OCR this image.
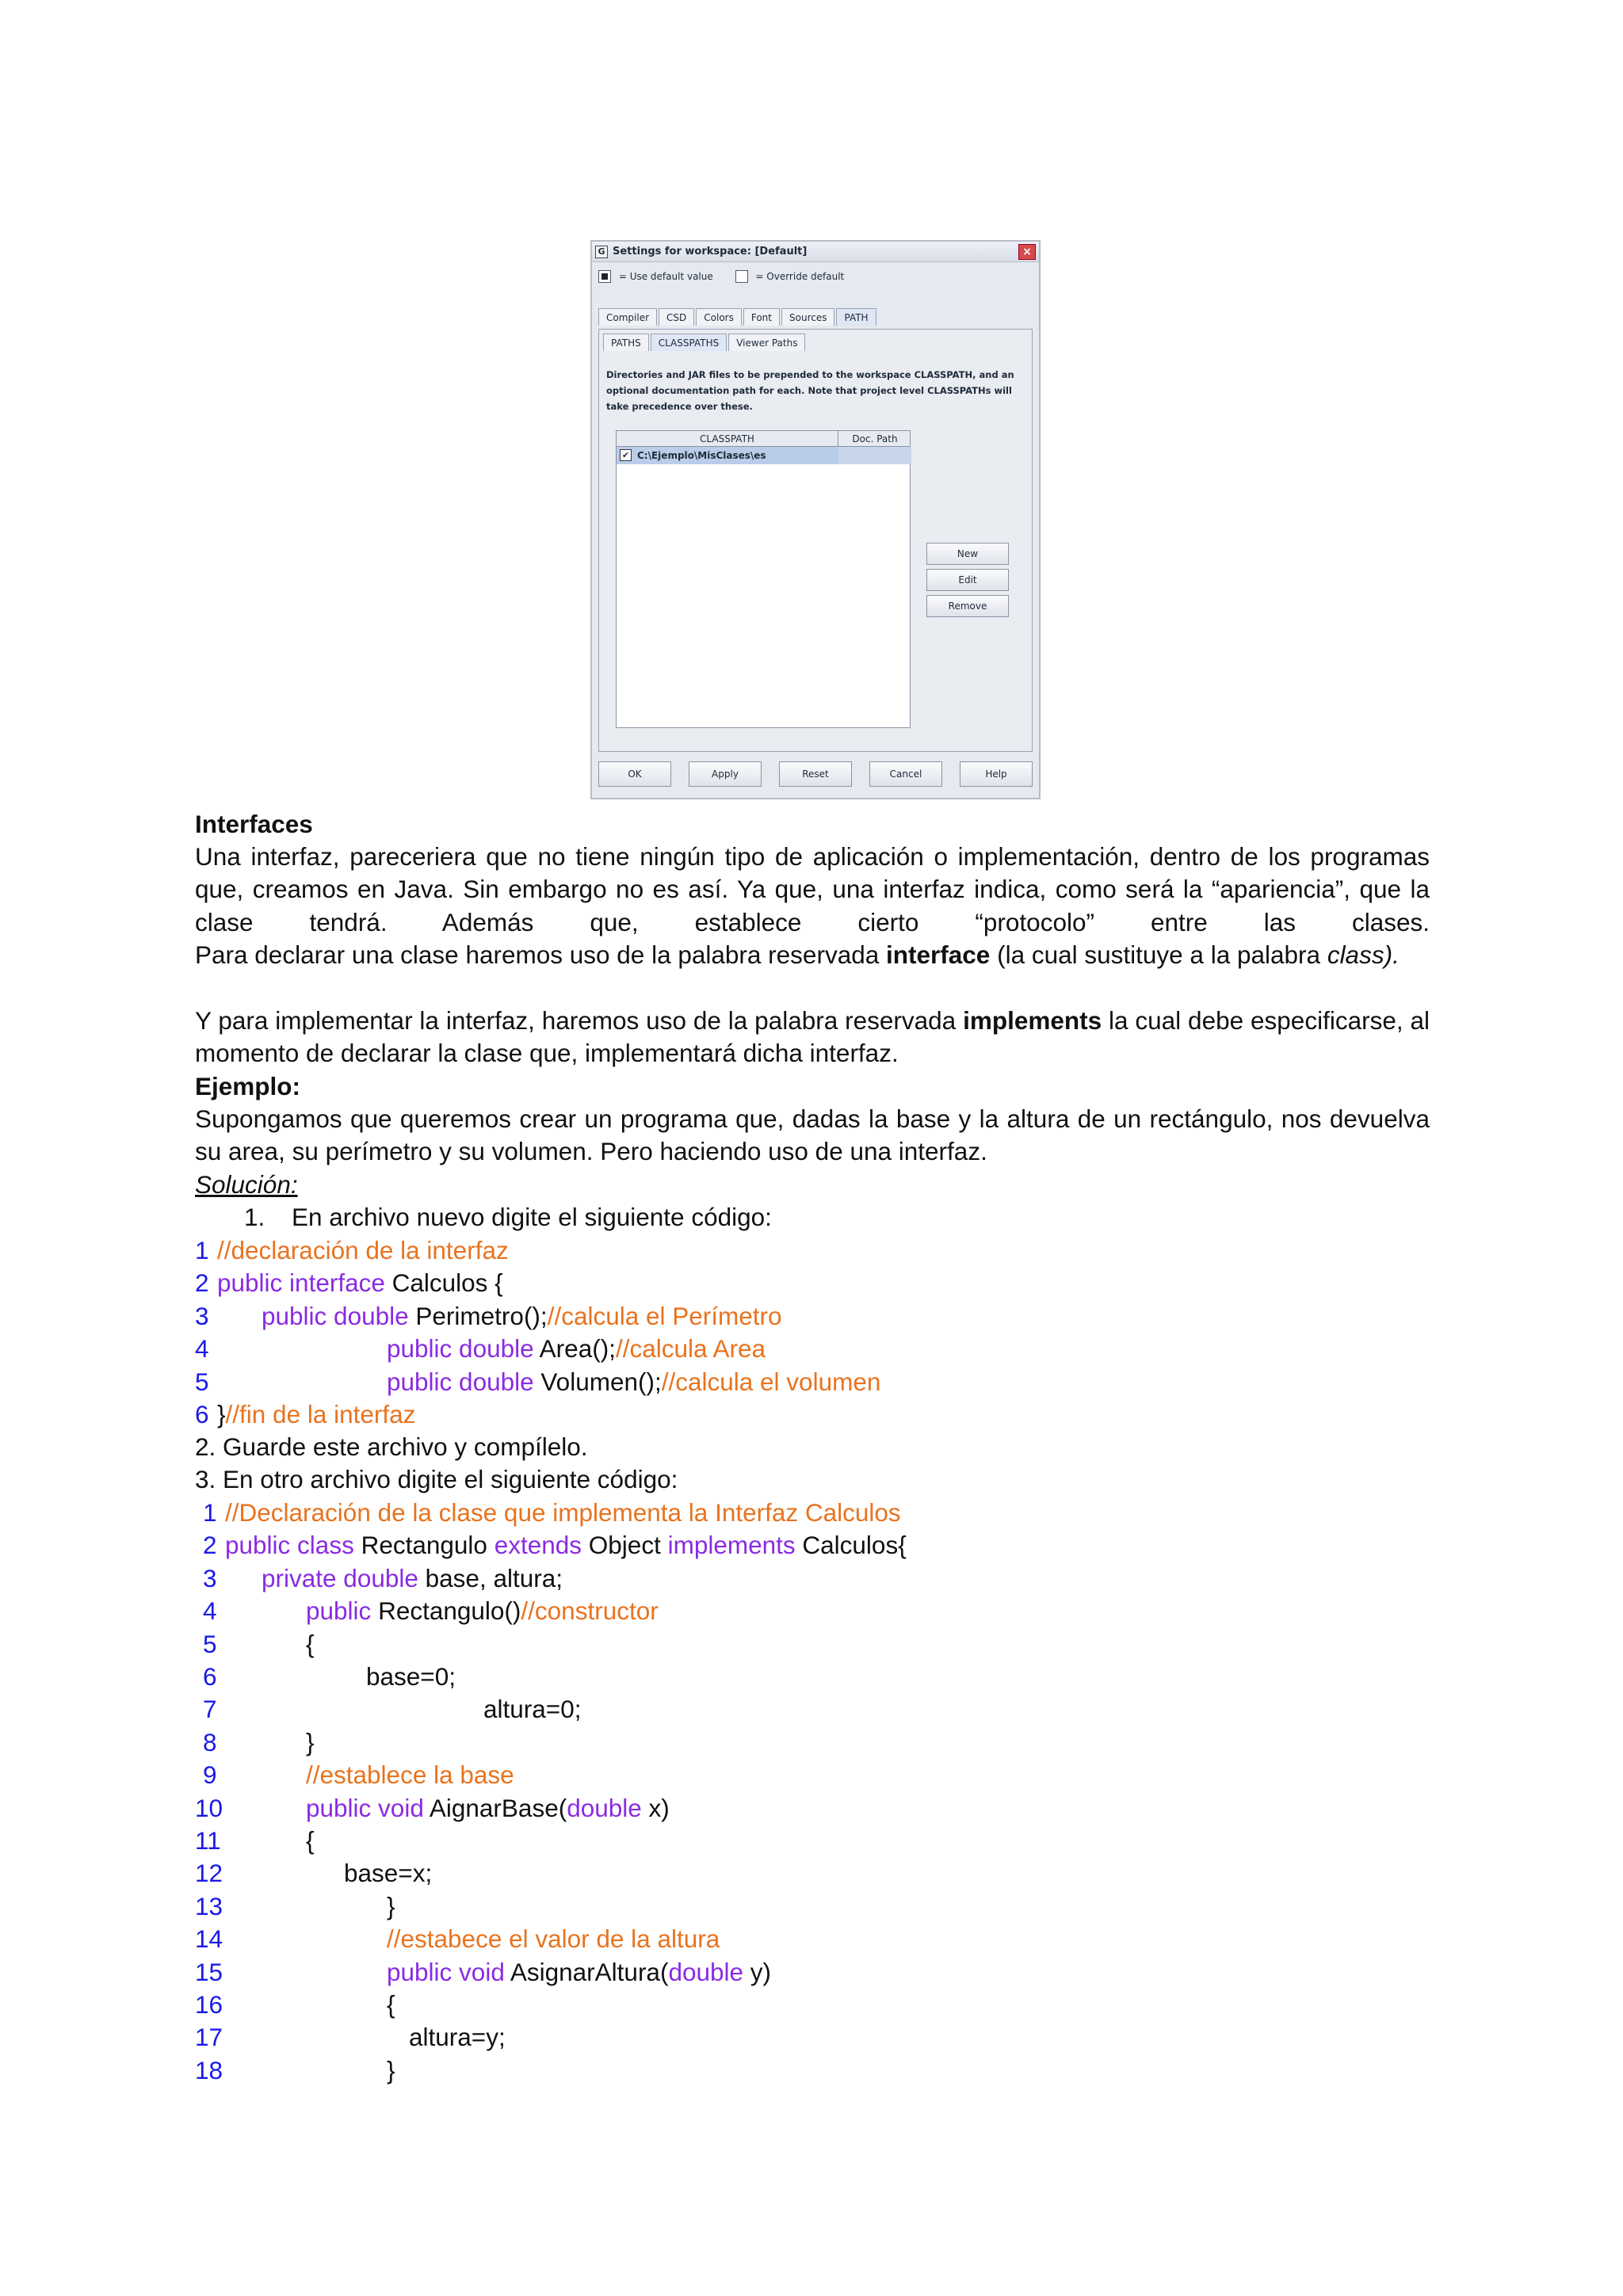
G Settings for workspace: [Default]	×
= Use default value	= Override default
Compiler	CSD	Colors	Font	Sources	PATH
PATHS	CLASSPATHS	Viewer Paths
Directories and JAR files to be prepended to the workspace CLASSPATH, and an optional documentation path for each. Note that project level CLASSPATHs will take precedence over these.
CLASSPATH	Doc. Path
✔ C:\Ejemplo\MisClases\es
New
Edit
Remove
OK	Apply	Reset	Cancel	Help
Interfaces
Una interfaz, pareceriera que no tiene ningún tipo de aplicación o implementación, dentro de los programas que, creamos en Java. Sin embargo no es así. Ya que, una interfaz indica, como será la “apariencia”, que la clase tendrá. Además que, establece cierto “protocolo” entre las clases.
Para declarar una clase haremos uso de la palabra reservada interface (la cual sustituye a la palabra class).
Y para implementar la interfaz, haremos uso de la palabra reservada implements la cual debe especificarse, al momento de declarar la clase que, implementará dicha interfaz.
Ejemplo:
Supongamos que queremos crear un programa que, dadas la base y la altura de un rectángulo, nos devuelva su area, su perímetro y su volumen. Pero haciendo uso de una interfaz.
Solución:
1. En archivo nuevo digite el siguiente código:
1 //declaración de la interfaz
2 public interface Calculos {
3 public double Perimetro();//calcula el Perímetro
4	public double Area();//calcula Area
5	public double Volumen();//calcula el volumen
6 }//fin de la interfaz
2. Guarde este archivo y compílelo.
3. En otro archivo digite el siguiente código:
1 //Declaración de la clase que implementa la Interfaz Calculos
2 public class Rectangulo extends Object implements Calculos{
3 private double base, altura;
4	public Rectangulo()//constructor
5	{
6	base=0;
7	altura=0;
8	}
9	//establece la base
10	public void AignarBase(double x)
11	{
12	base=x;
13	}
14	//estabece el valor de la altura
15	public void AsignarAltura(double y)
16	{
17	altura=y;
18	}
